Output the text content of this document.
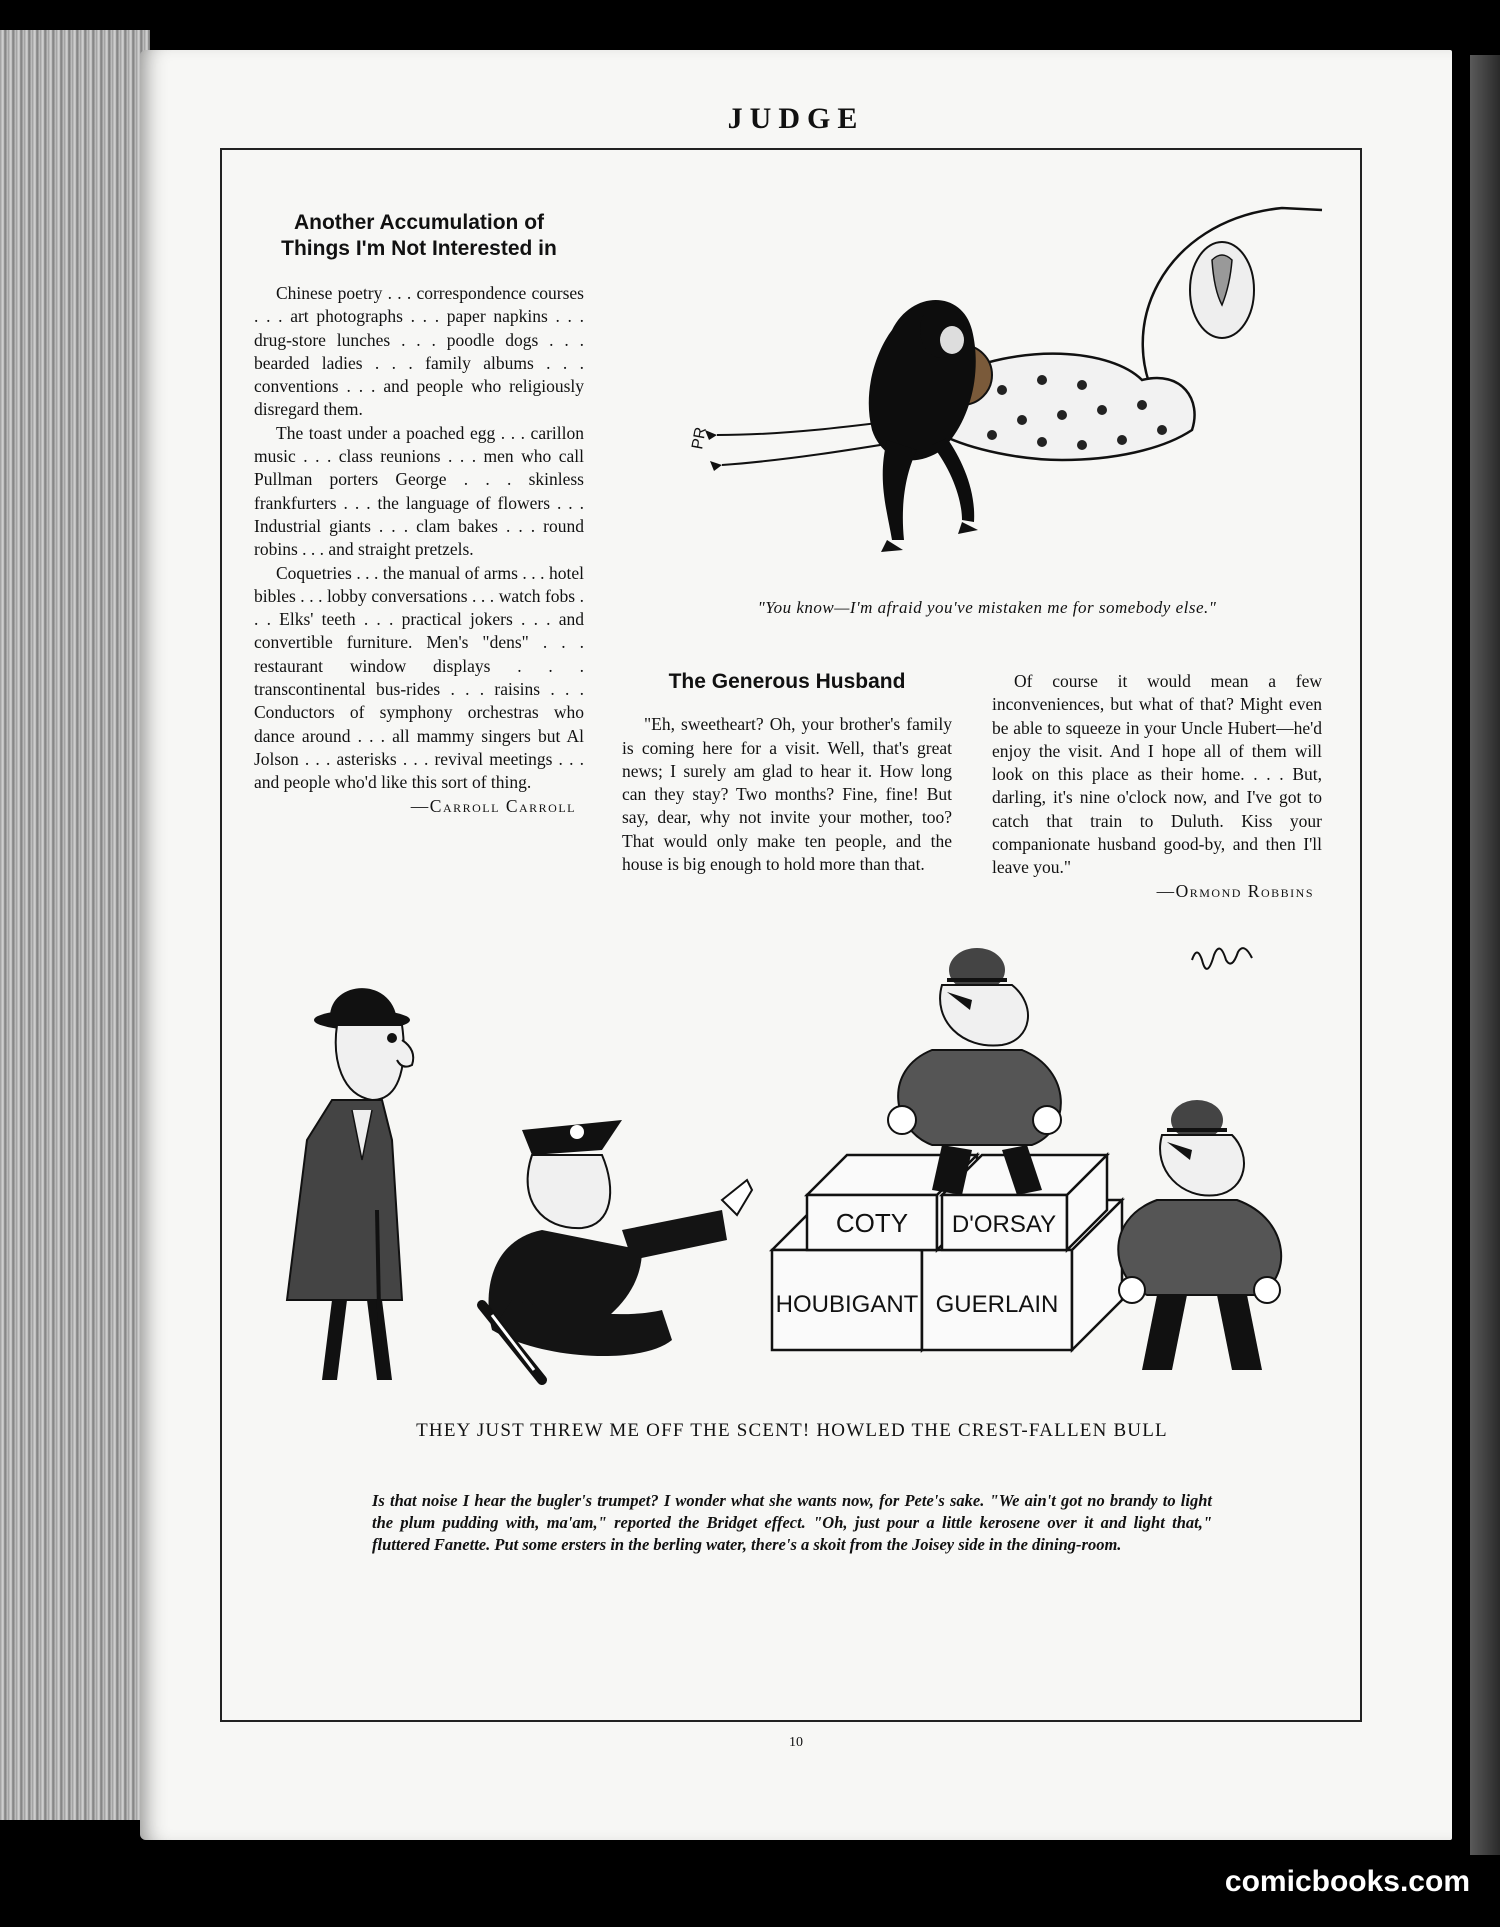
JUDGE
Another Accumulation of Things I'm Not Interested in

Chinese poetry . . . correspondence courses . . . art photographs . . . paper napkins . . . drug-store lunches . . . poodle dogs . . . bearded ladies . . . family albums . . . conventions . . . and people who religiously disregard them.

The toast under a poached egg . . . carillon music . . . class reunions . . . men who call Pullman porters George . . . skinless frankfurters . . . the language of flowers . . . Industrial giants . . . clam bakes . . . round robins . . . and straight pretzels.

Coquetries . . . the manual of arms . . . hotel bibles . . . lobby conversations . . . watch fobs . . . Elks' teeth . . . practical jokers . . . and convertible furniture. Men's "dens" . . . restaurant window displays . . . transcontinental bus-rides . . . raisins . . . Conductors of symphony orchestras who dance around . . . all mammy singers but Al Jolson . . . asterisks . . . revival meetings . . . and people who'd like this sort of thing.

—Carroll Carroll

PR
"You know—I'm afraid you've mistaken me for somebody else."
The Generous Husband

"Eh, sweetheart? Oh, your brother's family is coming here for a visit. Well, that's great news; I surely am glad to hear it. How long can they stay? Two months? Fine, fine! But say, dear, why not invite your mother, too? That would only make ten people, and the house is big enough to hold more than that.

Of course it would mean a few inconveniences, but what of that? Might even be able to squeeze in your Uncle Hubert—he'd enjoy the visit. And I hope all of them will look on this place as their home. . . . But, darling, it's nine o'clock now, and I've got to catch that train to Duluth. Kiss your companionate husband good-by, and then I'll leave you."

—Ormond Robbins

COTY D'ORSAY
HOUBIGANT GUERLAIN
THEY JUST THREW ME OFF THE SCENT! HOWLED THE CREST-FALLEN BULL
Is that noise I hear the bugler's trumpet? I wonder what she wants now, for Pete's sake. "We ain't got no brandy to light the plum pudding with, ma'am," reported the Bridget effect. "Oh, just pour a little kerosene over it and light that," fluttered Fanette. Put some ersters in the berling water, there's a skoit from the Joisey side in the dining-room.
10
comicbooks.com
